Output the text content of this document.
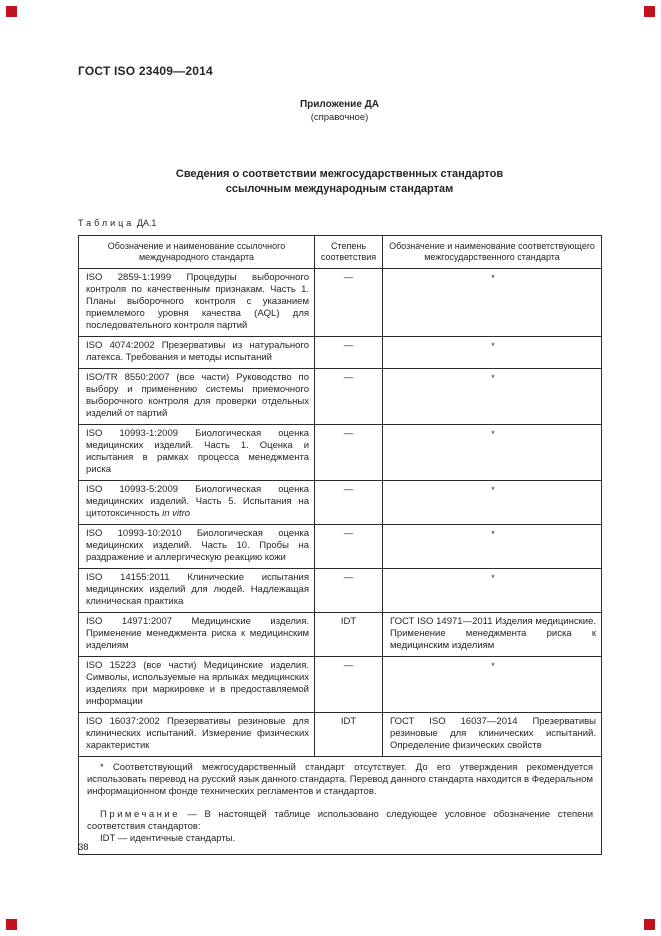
ГОСТ ISO 23409—2014
Приложение ДА
(справочное)
Сведения о соответствии межгосударственных стандартов
ссылочным международным стандартам
Таблица ДА.1
Обозначение и наименование ссылочного международного стандарта	Степень соответствия	Обозначение и наименование соответствующего межгосударственного стандарта
ISO 2859-1:1999 Процедуры выборочного контроля по качественным признакам. Часть 1. Планы выборочного контроля с указанием приемлемого уровня качества (AQL) для последовательного контроля партий	—	*
ISO 4074:2002 Презервативы из натурального латекса. Требования и методы испытаний	—	*
ISO/TR 8550:2007 (все части) Руководство по выбору и применению системы приемочного выборочного контроля для проверки отдельных изделий от партий	—	*
ISO 10993-1:2009 Биологическая оценка медицинских изделий. Часть 1. Оценка и испытания в рамках процесса менеджмента риска	—	*
ISO 10993-5:2009 Биологическая оценка медицинских изделий. Часть 5. Испытания на цитотоксичность in vitro	—	*
ISO 10993-10:2010 Биологическая оценка медицинских изделий. Часть 10. Пробы на раздражение и аллергическую реакцию кожи	—	*
ISO 14155:2011 Клинические испытания медицинских изделий для людей. Надлежащая клиническая практика	—	*
ISO 14971:2007 Медицинские изделия. Применение менеджмента риска к медицинским изделиям	IDT	ГОСТ ISO 14971—2011 Изделия медицинские. Применение менеджмента риска к медицинским изделиям
ISO 15223 (все части) Медицинские изделия. Символы, используемые на ярлыках медицинских изделиях при маркировке и в предоставляемой информации	—	*
ISO 16037:2002 Презервативы резиновые для клинических испытаний. Измерение физических характеристик	IDT	ГОСТ ISO 16037—2014 Презервативы резиновые для клинических испытаний. Определение физических свойств

* Соответствующий межгосударственный стандарт отсутствует. До его утверждения рекомендуется использовать перевод на русский язык данного стандарта. Перевод данного стандарта находится в Федеральном информационном фонде технических регламентов и стандартов.

Примечание — В настоящей таблице использовано следующее условное обозначение степени соответствия стандартов:

IDT — идентичные стандарты.		
38
